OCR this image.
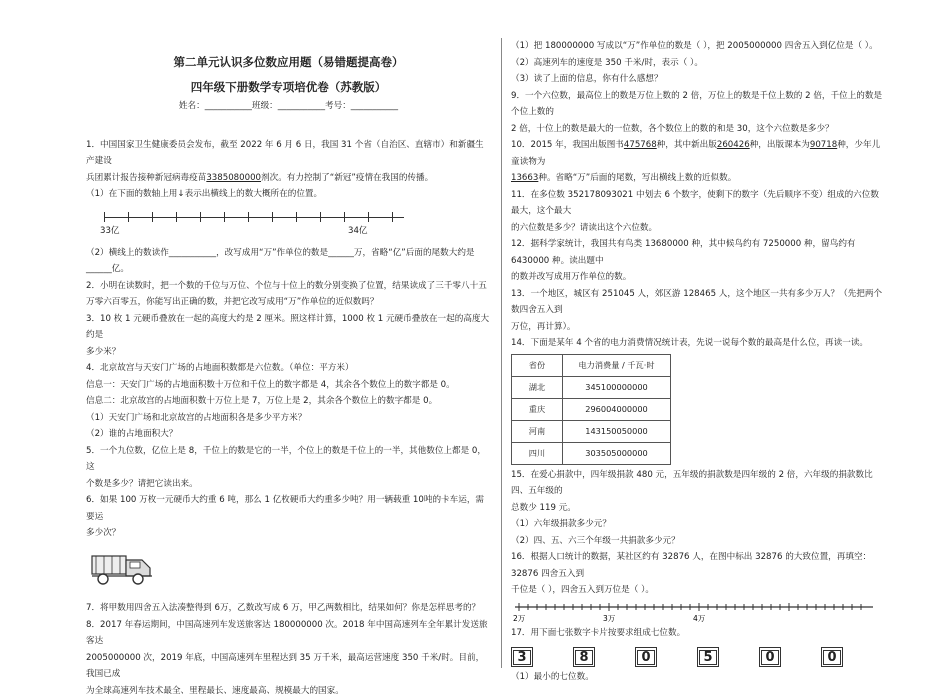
第二单元认识多位数应用题（易错题提高卷）
四年级下册数学专项培优卷（苏教版）
姓名：___________班级：___________考号：___________
1．中国国家卫生健康委员会发布，截至 2022 年 6 月 6 日，我国 31 个省（自治区、直辖市）和新疆生产建设
兵团累计报告接种新冠病毒疫苗3385080000剂次。有力控制了“新冠”疫情在我国的传播。
（1）在下面的数轴上用↓表示出横线上的数大概所在的位置。
33亿	34亿
（2）横线上的数读作___________，改写成用“万”作单位的数是______万，省略“亿”后面的尾数大约是
______亿。
2．小明在读数时，把一个数的千位与万位、个位与十位上的数分别变换了位置，结果读成了三千零八十五
万零六百零五，你能写出正确的数，并把它改写成用“万”作单位的近似数吗？
3．10 枚 1 元硬币叠放在一起的高度大约是 2 厘米。照这样计算，1000 枚 1 元硬币叠放在一起的高度大约是
多少米？
4．北京故宫与天安门广场的占地面积数都是六位数。（单位：平方米）
信息一：天安门广场的占地面积数十万位和千位上的数字都是 4，其余各个数位上的数字都是 0。
信息二：北京故宫的占地面积数十万位上是 7，万位上是 2，其余各个数位上的数字都是 0。
（1）天安门广场和北京故宫的占地面积各是多少平方米？
（2）谁的占地面积大？
5．一个九位数，亿位上是 8，千位上的数是它的一半，个位上的数是千位上的一半，其他数位上都是 0，这
个数是多少？请把它读出来。
6．如果 100 万枚一元硬币大约重 6 吨，那么 1 亿枚硬币大约重多少吨？用一辆载重 10吨的卡车运，需要运
多少次？
7．将甲数用四舍五入法凑整得到 6万，乙数改写成 6 万，甲乙两数相比，结果如何？你是怎样思考的？
8．2017 年春运期间，中国高速列车发送旅客达 180000000 次。2018 年中国高速列车全年累计发送旅客达
2005000000 次，2019 年底，中国高速列车里程达到 35 万千米，最高运营速度 350 千米/时。目前，我国已成
为全球高速列车技术最全、里程最长、速度最高、规模最大的国家。
（1）把 180000000 写成以“万”作单位的数是（ ），把 2005000000 四舍五入到亿位是（ ）。
（2）高速列车的速度是 350 千米/时，表示（ ）。
（3）读了上面的信息，你有什么感想？
9．一个六位数，最高位上的数是万位上数的 2 倍，万位上的数是千位上数的 2 倍，千位上的数是个位上数的
2 倍，十位上的数是最大的一位数，各个数位上的数的和是 30，这个六位数是多少？
10．2015 年，我国出版图书475768种，其中新出版260426种，出版课本为90718种，少年儿童读物为
13663种。省略“万”后面的尾数，写出横线上数的近似数。
11．在多位数 352178093021 中划去 6 个数字，使剩下的数字（先后顺序不变）组成的六位数最大，这个最大
的六位数是多少？请读出这个六位数。
12．据科学家统计，我国共有鸟类 13680000 种，其中候鸟约有 7250000 种，留鸟约有 6430000 种。读出题中
的数并改写成用万作单位的数。
13．一个地区，城区有 251045 人，郊区游 128465 人，这个地区一共有多少万人？（先把两个数四舍五入到
万位，再计算）。
14．下面是某年 4 个省的电力消费情况统计表，先说一说每个数的最高是什么位，再读一读。
省份	电力消费量 / 千瓦·时
湖北	345100000000
重庆	296004000000
河南	143150050000
四川	303505000000
15．在爱心捐款中，四年级捐款 480 元，五年级的捐款数是四年级的 2 倍，六年级的捐款数比四、五年级的
总数少 119 元。
（1）六年级捐款多少元？
（2）四、五、六三个年级一共捐款多少元？
16．根据人口统计的数据，某社区约有 32876 人，在图中标出 32876 的大致位置，再填空：32876 四舍五入到
千位是（ ），四舍五入到万位是（ ）。
2万	3万	4万
17．用下面七张数字卡片按要求组成七位数。
3	8	0	5	0	0
（1）最小的七位数。
